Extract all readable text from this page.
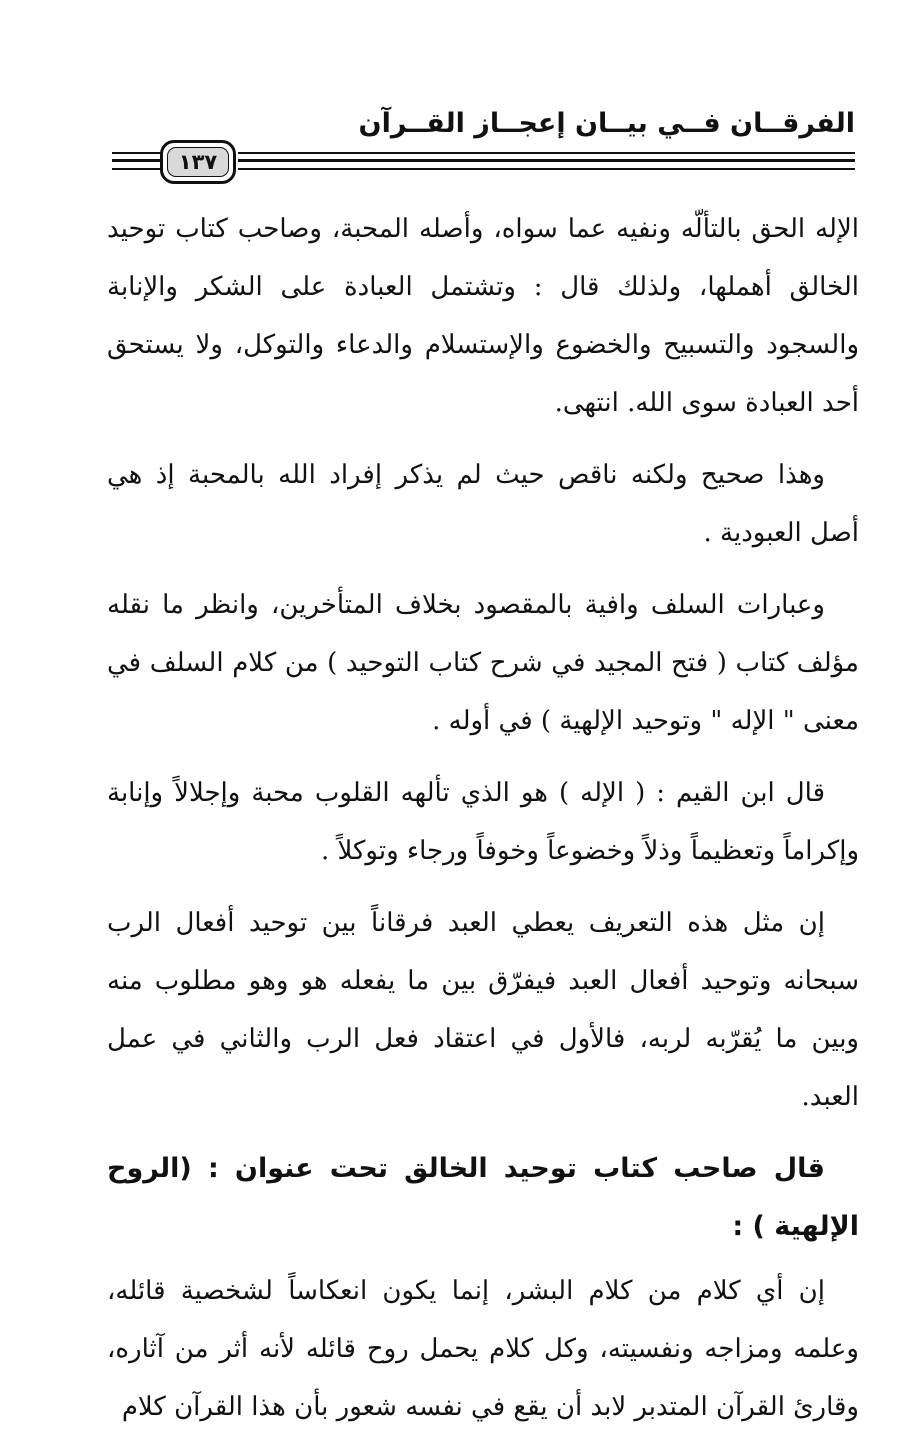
الفرقــان فــي بيــان إعجــاز القــرآن
١٣٧

الإله الحق بالتألّه ونفيه عما سواه، وأصله المحبة، وصاحب كتاب توحيد الخالق أهملها، ولذلك قال : وتشتمل العبادة على الشكر والإنابة والسجود والتسبيح والخضوع والإستسلام والدعاء والتوكل، ولا يستحق أحد العبادة سوى الله. انتهى.

وهذا صحيح ولكنه ناقص حيث لم يذكر إفراد الله بالمحبة إذ هي أصل العبودية .

وعبارات السلف وافية بالمقصود بخلاف المتأخرين، وانظر ما نقله مؤلف كتاب ( فتح المجيد في شرح كتاب التوحيد ) من كلام السلف في معنى " الإله " وتوحيد الإلهية ) في أوله .

قال ابن القيم : ( الإله ) هو الذي تألهه القلوب محبة وإجلالاً وإنابة وإكراماً وتعظيماً وذلاً وخضوعاً وخوفاً ورجاء وتوكلاً .

إن مثل هذه التعريف يعطي العبد فرقاناً بين توحيد أفعال الرب سبحانه وتوحيد أفعال العبد فيفرّق بين ما يفعله هو وهو مطلوب منه وبين ما يُقرّبه لربه، فالأول في اعتقاد فعل الرب والثاني في عمل العبد.

قال صاحب كتاب توحيد الخالق تحت عنوان : (الروح الإلهية ) :

إن أي كلام من كلام البشر، إنما يكون انعكاساً لشخصية قائله، وعلمه ومزاجه ونفسيته، وكل كلام يحمل روح قائله لأنه أثر من آثاره، وقارئ القرآن المتدبر لابد أن يقع في نفسه شعور بأن هذا القرآن كلام
